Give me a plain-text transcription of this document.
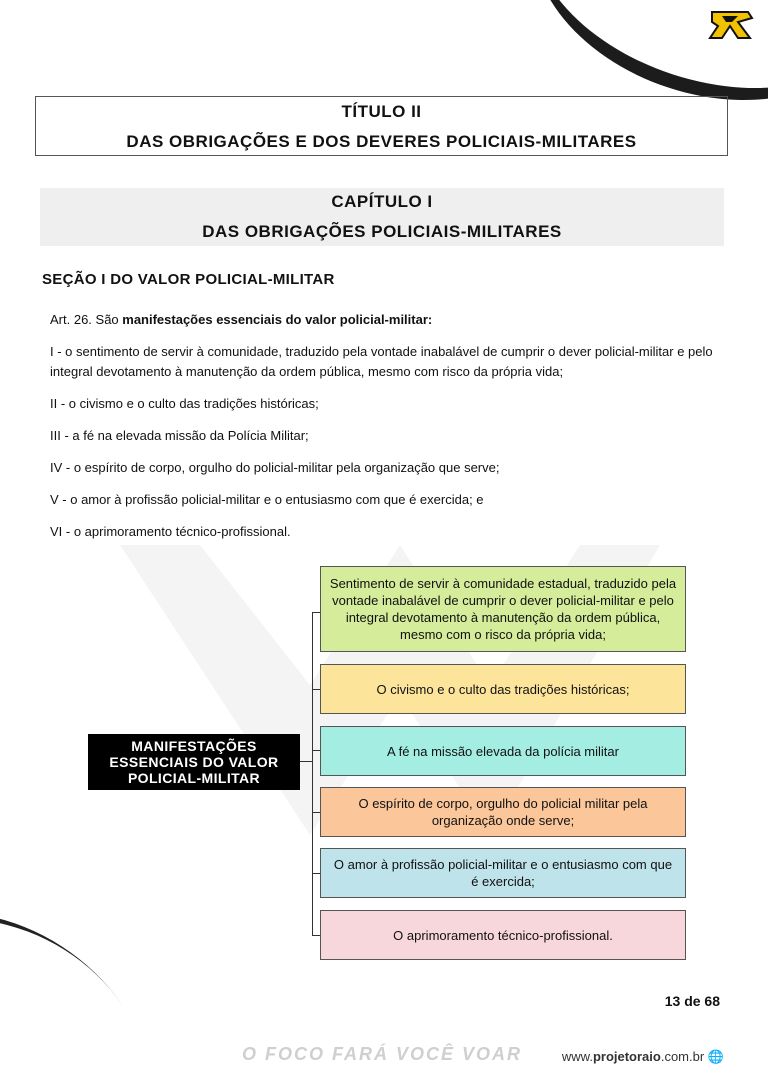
TÍTULO II
DAS OBRIGAÇÕES E DOS DEVERES POLICIAIS-MILITARES
CAPÍTULO I
DAS OBRIGAÇÕES POLICIAIS-MILITARES
SEÇÃO I DO VALOR POLICIAL-MILITAR

Art. 26. São manifestações essenciais do valor policial-militar:

I - o sentimento de servir à comunidade, traduzido pela vontade inabalável de cumprir o dever policial-militar e pelo integral devotamento à manutenção da ordem pública, mesmo com risco da própria vida;

II - o civismo e o culto das tradições históricas;

III - a fé na elevada missão da Polícia Militar;

IV - o espírito de corpo, orgulho do policial-militar pela organização que serve;

V - o amor à profissão policial-militar e o entusiasmo com que é exercida; e

VI - o aprimoramento técnico-profissional.

MANIFESTAÇÕES ESSENCIAIS DO VALOR POLICIAL-MILITAR
Sentimento de servir à comunidade estadual, traduzido pela vontade inabalável de cumprir o dever policial-militar e pelo integral devotamento à manutenção da ordem pública, mesmo com o risco da própria vida;
O civismo e o culto das tradições históricas;
A fé na missão elevada da polícia militar
O espírito de corpo, orgulho do policial militar pela organização onde serve;
O amor à profissão policial-militar e o entusiasmo com que é exercida;
O aprimoramento técnico-profissional.
13 de 68
O FOCO FARÁ VOCÊ VOAR	www.projetoraio.com.br 🌐
